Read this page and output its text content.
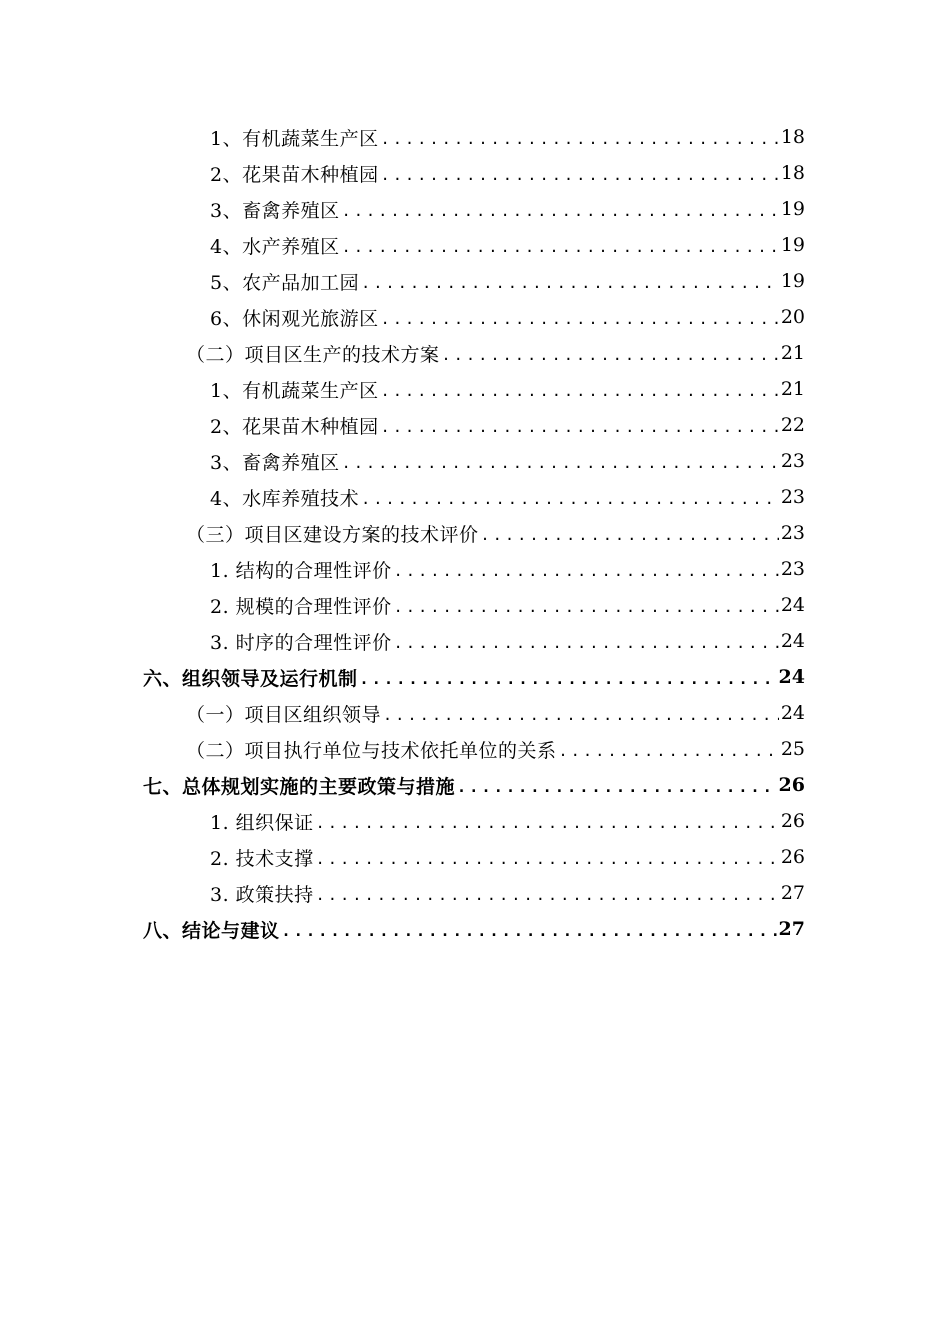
1、有机蔬菜生产区 .....	18
2、花果苗木种植园 .....	18
3、畜禽养殖区 .....	19
4、水产养殖区 .....	19
5、农产品加工园 .....	19
6、休闲观光旅游区 .....	20
（二）项目区生产的技术方案 .....	21
1、有机蔬菜生产区 .....	21
2、花果苗木种植园 .....	22
3、畜禽养殖区 .....	23
4、水库养殖技术 .....	23
（三）项目区建设方案的技术评价 .....	23
1. 结构的合理性评价 .....	23
2. 规模的合理性评价 .....	24
3. 时序的合理性评价 .....	24
六、组织领导及运行机制 .....	24
（一）项目区组织领导 .....	24
（二）项目执行单位与技术依托单位的关系 .....	25
七、总体规划实施的主要政策与措施 .....	26
1. 组织保证 .....	26
2. 技术支撑 .....	26
3. 政策扶持 .....	27
八、结论与建议 .....	27
